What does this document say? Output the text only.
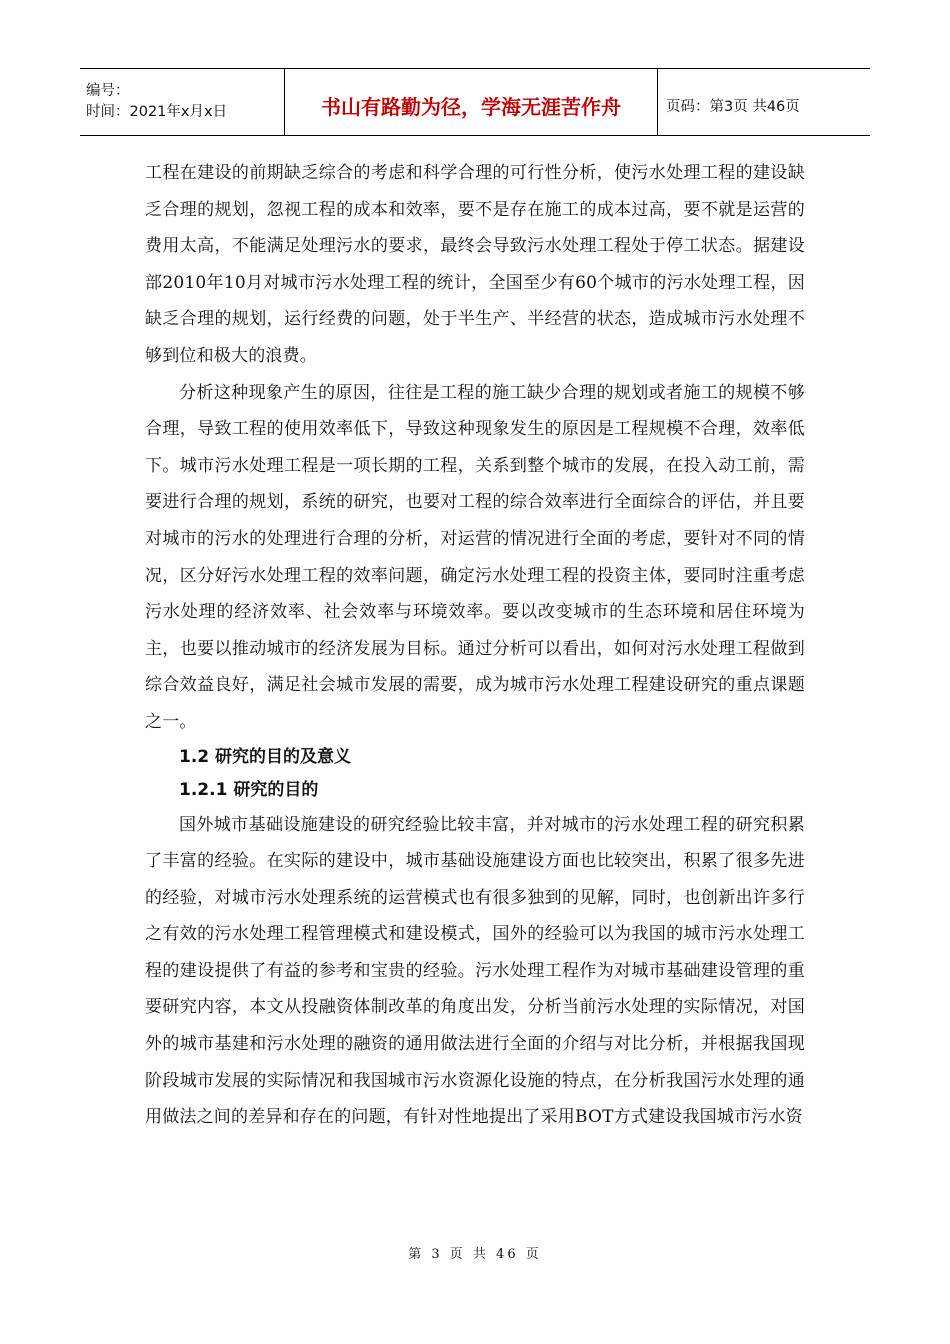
编号：
时间：2021年x月x日	书山有路勤为径，学海无涯苦作舟	页码：第3页 共46页

工程在建设的前期缺乏综合的考虑和科学合理的可行性分析，使污水处理工程的建设缺乏合理的规划，忽视工程的成本和效率，要不是存在施工的成本过高，要不就是运营的费用太高，不能满足处理污水的要求，最终会导致污水处理工程处于停工状态。据建设部2010年10月对城市污水处理工程的统计，全国至少有60个城市的污水处理工程，因缺乏合理的规划，运行经费的问题，处于半生产、半经营的状态，造成城市污水处理不够到位和极大的浪费。

分析这种现象产生的原因，往往是工程的施工缺少合理的规划或者施工的规模不够合理，导致工程的使用效率低下，导致这种现象发生的原因是工程规模不合理，效率低下。城市污水处理工程是一项长期的工程，关系到整个城市的发展，在投入动工前，需要进行合理的规划，系统的研究，也要对工程的综合效率进行全面综合的评估，并且要对城市的污水的处理进行合理的分析，对运营的情况进行全面的考虑，要针对不同的情况，区分好污水处理工程的效率问题，确定污水处理工程的投资主体，要同时注重考虑污水处理的经济效率、社会效率与环境效率。要以改变城市的生态环境和居住环境为主，也要以推动城市的经济发展为目标。通过分析可以看出，如何对污水处理工程做到综合效益良好，满足社会城市发展的需要，成为城市污水处理工程建设研究的重点课题之一。

1.2 研究的目的及意义

1.2.1 研究的目的

国外城市基础设施建设的研究经验比较丰富，并对城市的污水处理工程的研究积累了丰富的经验。在实际的建设中，城市基础设施建设方面也比较突出，积累了很多先进的经验，对城市污水处理系统的运营模式也有很多独到的见解，同时，也创新出许多行之有效的污水处理工程管理模式和建设模式，国外的经验可以为我国的城市污水处理工程的建设提供了有益的参考和宝贵的经验。污水处理工程作为对城市基础建设管理的重要研究内容，本文从投融资体制改革的角度出发，分析当前污水处理的实际情况，对国外的城市基建和污水处理的融资的通用做法进行全面的介绍与对比分析，并根据我国现阶段城市发展的实际情况和我国城市污水资源化设施的特点，在分析我国污水处理的通用做法之间的差异和存在的问题，有针对性地提出了采用BOT方式建设我国城市污水资

第 3 页 共 46 页
